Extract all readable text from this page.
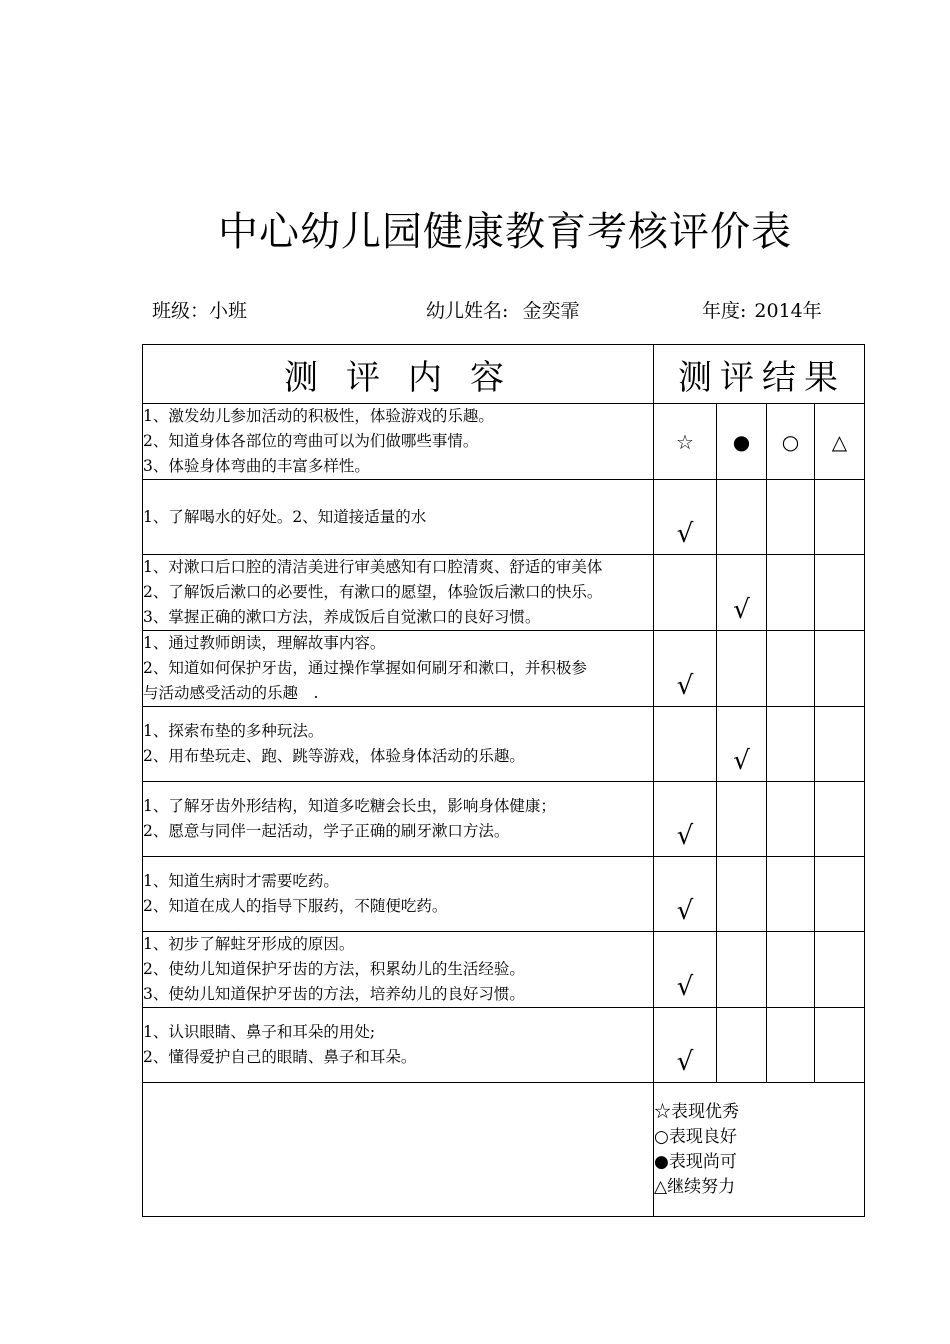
中心幼儿园健康教育考核评价表
班级：小班	幼儿姓名: 金奕霏	年度: 2014年
测评内容	测评结果			

1、激发幼儿参加活动的积极性，体验游戏的乐趣。
2、知道身体各部位的弯曲可以为们做哪些事情。
3、体验身体弯曲的丰富多样性。	☆	●	○	△

1、了解喝水的好处。2、知道接适量的水	√			

1、对漱口后口腔的清洁美进行审美感知有口腔清爽、舒适的审美体
2、了解饭后漱口的必要性，有漱口的愿望，体验饭后漱口的快乐。
3、掌握正确的漱口方法，养成饭后自觉漱口的良好习惯。		√		

1、通过教师朗读，理解故事内容。
2、知道如何保护牙齿，通过操作掌握如何刷牙和漱口，并积极参
与活动感受活动的乐趣　.	√			

1、探索布垫的多种玩法。
2、用布垫玩走、跑、跳等游戏，体验身体活动的乐趣。		√		

1、了解牙齿外形结构，知道多吃糖会长虫，影响身体健康；
2、愿意与同伴一起活动，学子正确的刷牙漱口方法。	√			

1、知道生病时才需要吃药。
2、知道在成人的指导下服药，不随便吃药。	√			

1、初步了解蛀牙形成的原因。
2、使幼儿知道保护牙齿的方法，积累幼儿的生活经验。
3、使幼儿知道保护牙齿的方法，培养幼儿的良好习惯。	√			

1、认识眼睛、鼻子和耳朵的用处;
2、懂得爱护自己的眼睛、鼻子和耳朵。	√			

	☆表现优秀
○表现良好
●表现尚可
△继续努力			
